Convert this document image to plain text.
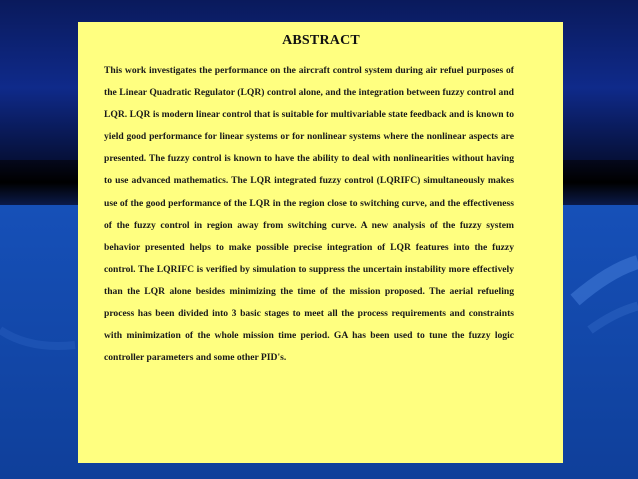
ABSTRACT

This work investigates the performance on the aircraft control system during air refuel purposes of the Linear Quadratic Regulator (LQR) control alone, and the integration between fuzzy control and LQR. LQR is modern linear control that is suitable for multivariable state feedback and is known to yield good performance for linear systems or for nonlinear systems where the nonlinear aspects are presented. The fuzzy control is known to have the ability to deal with nonlinearities without having to use advanced mathematics. The LQR integrated fuzzy control (LQRIFC) simultaneously makes use of the good performance of the LQR in the region close to switching curve, and the effectiveness of the fuzzy control in region away from switching curve. A new analysis of the fuzzy system behavior presented helps to make possible precise integration of LQR features into the fuzzy control. The LQRIFC is verified by simulation to suppress the uncertain instability more effectively than the LQR alone besides minimizing the time of the mission proposed. The aerial refueling process has been divided into 3 basic stages to meet all the process requirements and constraints with minimization of the whole mission time period. GA has been used to tune the fuzzy logic controller parameters and some other PID's.
